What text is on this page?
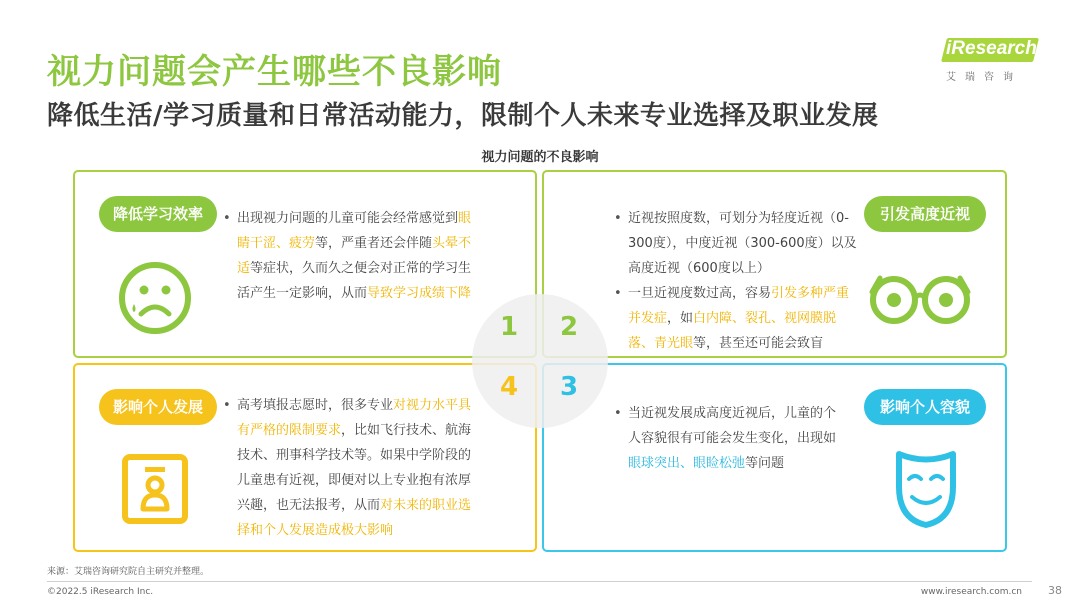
视力问题会产生哪些不良影响
降低生活/学习质量和日常活动能力，限制个人未来专业选择及职业发展
iResearch
艾瑞咨询
视力问题的不良影响
降低学习效率	• 出现视力问题的儿童可能会经常感觉到眼睛干涩、疲劳等，严重者还会伴随头晕不适等症状，久而久之便会对正常的学习生活产生一定影响，从而导致学习成绩下降
引发高度近视
• 近视按照度数，可划分为轻度近视（0-300度），中度近视（300-600度）以及高度近视（600度以上）
• 一旦近视度数过高，容易引发多种严重并发症，如白内障、裂孔、视网膜脱落、青光眼等，甚至还可能会致盲
影响个人发展	• 高考填报志愿时，很多专业对视力水平具有严格的限制要求，比如飞行技术、航海技术、刑事科学技术等。如果中学阶段的儿童患有近视，即便对以上专业抱有浓厚兴趣，也无法报考，从而对未来的职业选择和个人发展造成极大影响
影响个人容貌
• 当近视发展成高度近视后，儿童的个人容貌很有可能会发生变化，出现如眼球突出、眼睑松弛等问题
1 2
4 3
来源：艾瑞咨询研究院自主研究并整理。
©2022.5 iResearch Inc.	www.iresearch.com.cn 38
